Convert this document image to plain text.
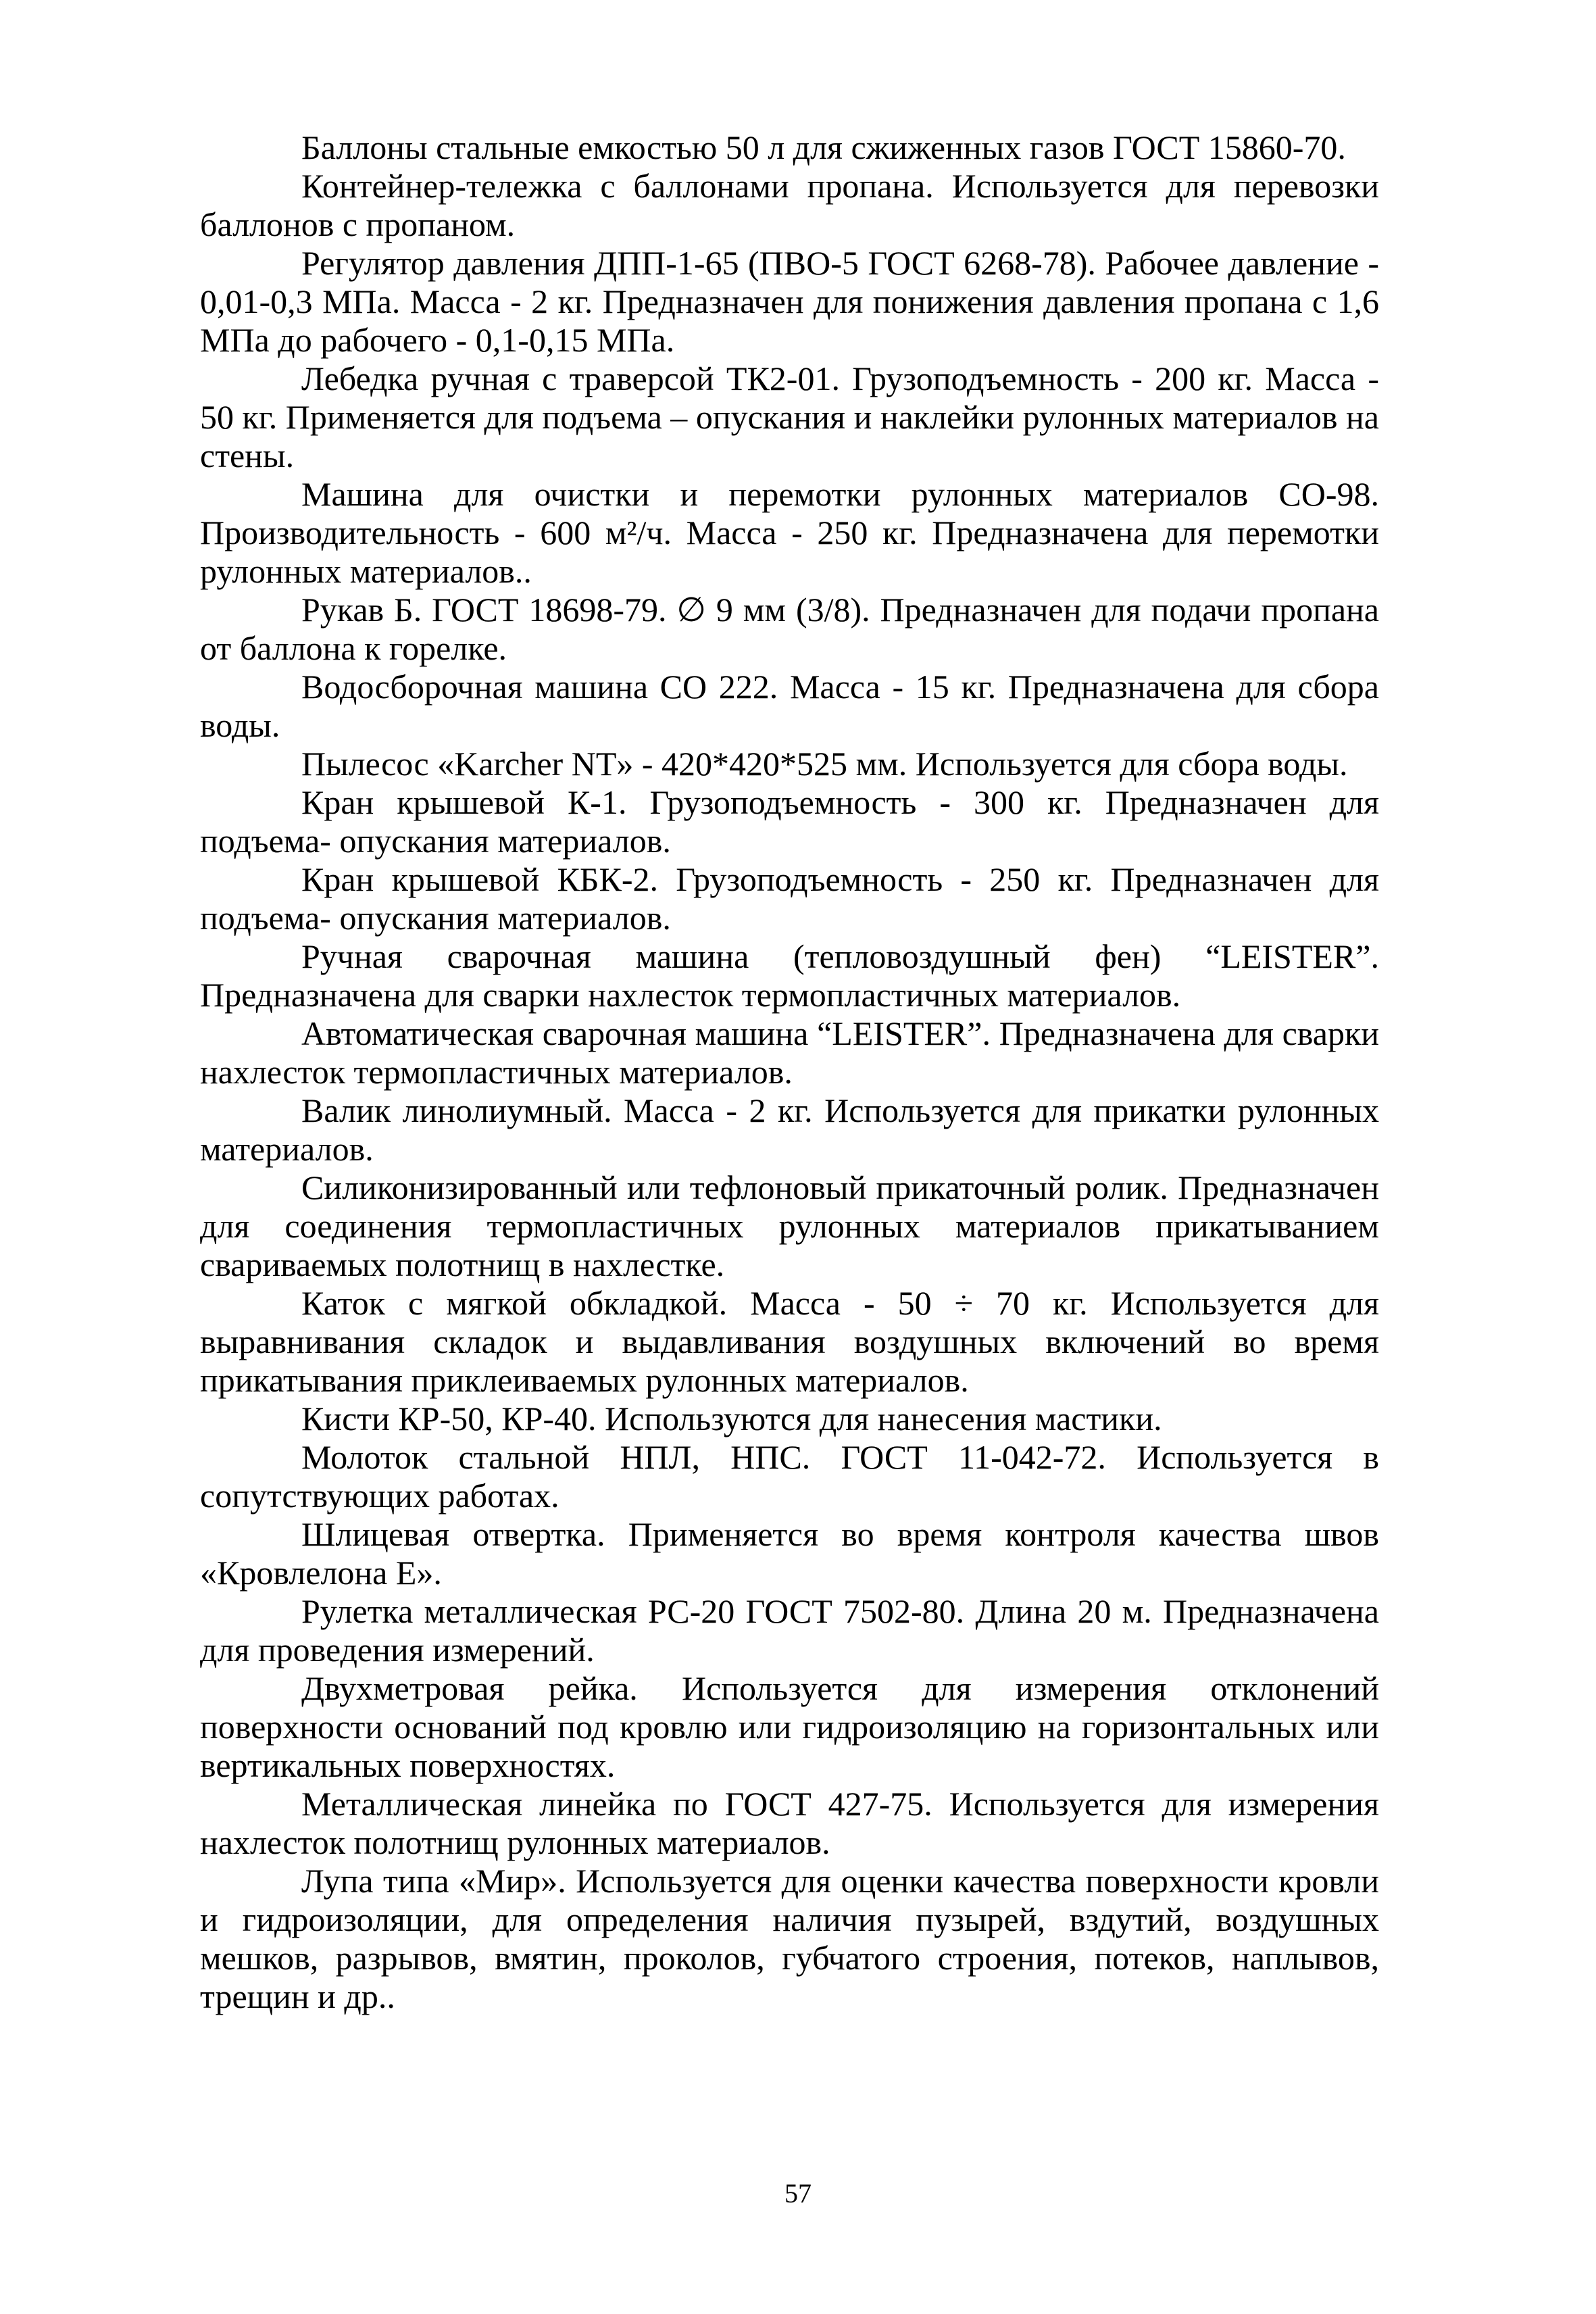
Баллоны стальные емкостью 50 л для сжиженных газов ГОСТ 15860-70.

Контейнер-тележка с баллонами пропана. Используется для перевозки баллонов с пропаном.

Регулятор давления ДПП-1-65 (ПВО-5 ГОСТ 6268-78). Рабочее давление - 0,01-0,3 МПа. Масса - 2 кг. Предназначен для понижения давления пропана с 1,6 МПа до рабочего - 0,1-0,15 МПа.

Лебедка ручная с траверсой ТК2-01. Грузоподъемность - 200 кг. Масса - 50 кг. Применяется для подъема – опускания и наклейки рулонных материалов на стены.

Машина для очистки и перемотки рулонных материалов СО-98. Производительность - 600 м²/ч. Масса - 250 кг. Предназначена для перемотки рулонных материалов..

Рукав Б. ГОСТ 18698-79. ∅ 9 мм (3/8). Предназначен для подачи пропана от баллона к горелке.

Водосборочная машина СО 222. Масса - 15 кг. Предназначена для сбора воды.

Пылесос «Karcher NT» - 420*420*525 мм. Используется для сбора воды.

Кран крышевой К-1. Грузоподъемность - 300 кг. Предназначен для подъема- опускания материалов.

Кран крышевой КБК-2. Грузоподъемность - 250 кг. Предназначен для подъема- опускания материалов.

Ручная сварочная машина (тепловоздушный фен) “LEISTER”. Предназначена для сварки нахлесток термопластичных материалов.

Автоматическая сварочная машина “LEISTER”. Предназначена для сварки нахлесток термопластичных материалов.

Валик линолиумный. Масса - 2 кг. Используется для прикатки рулонных материалов.

Силиконизированный или тефлоновый прикаточный ролик. Предназначен для соединения термопластичных рулонных материалов прикатыванием свариваемых полотнищ в нахлестке.

Каток с мягкой обкладкой. Масса - 50 ÷ 70 кг. Используется для выравнивания складок и выдавливания воздушных включений во время прикатывания приклеиваемых рулонных материалов.

Кисти КР-50, КР-40. Используются для нанесения мастики.

Молоток стальной НПЛ, НПС. ГОСТ 11-042-72. Используется в сопутствующих работах.

Шлицевая отвертка. Применяется во время контроля качества швов «Кровлелона Е».

Рулетка металлическая РС-20 ГОСТ 7502-80. Длина 20 м. Предназначена для проведения измерений.

Двухметровая рейка. Используется для измерения отклонений поверхности оснований под кровлю или гидроизоляцию на горизонтальных или вертикальных поверхностях.

Металлическая линейка по ГОСТ 427-75. Используется для измерения нахлесток полотнищ рулонных материалов.

Лупа типа «Мир». Используется для оценки качества поверхности кровли и гидроизоляции, для определения наличия пузырей, вздутий, воздушных мешков, разрывов, вмятин, проколов, губчатого строения, потеков, наплывов, трещин и др..

57
